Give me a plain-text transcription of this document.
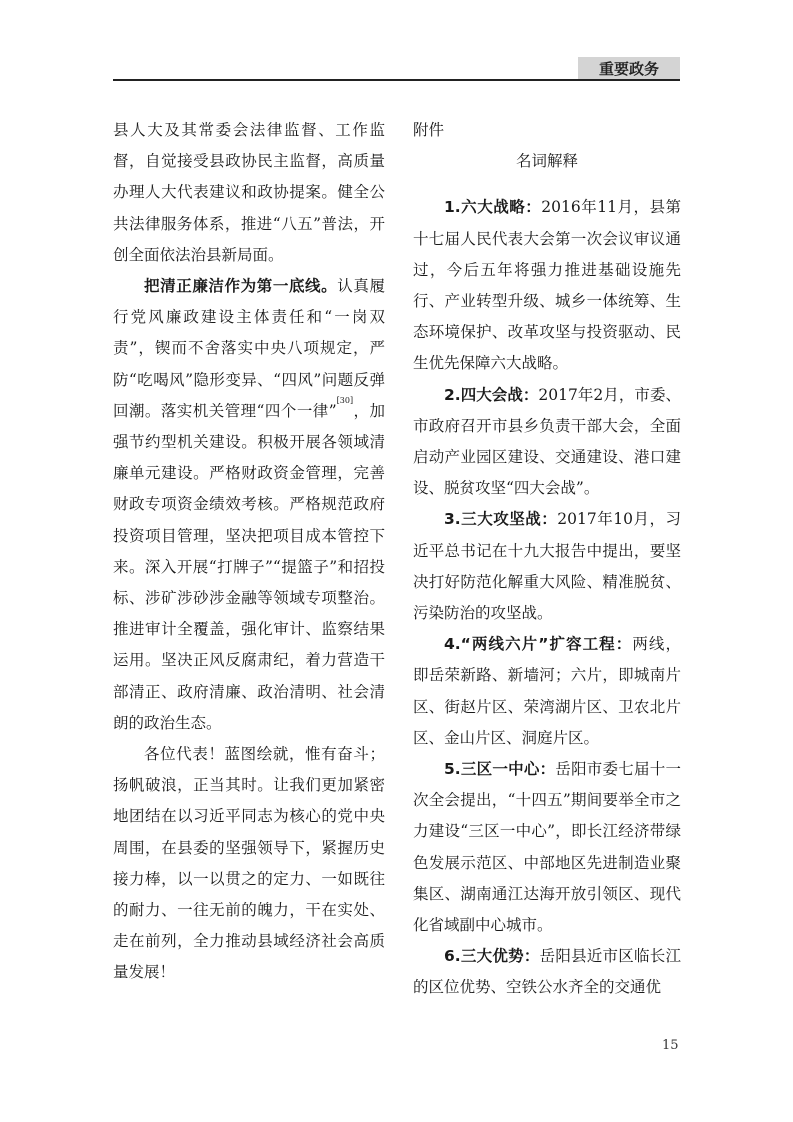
重要政务

县人大及其常委会法律监督、工作监督，自觉接受县政协民主监督，高质量办理人大代表建议和政协提案。健全公共法律服务体系，推进“八五”普法，开创全面依法治县新局面。

把清正廉洁作为第一底线。认真履行党风廉政建设主体责任和“一岗双责”，锲而不舍落实中央八项规定，严防“吃喝风”隐形变异、“四风”问题反弹回潮。落实机关管理“四个一律”[30]，加强节约型机关建设。积极开展各领域清廉单元建设。严格财政资金管理，完善财政专项资金绩效考核。严格规范政府投资项目管理，坚决把项目成本管控下来。深入开展“打牌子”“提篮子”和招投标、涉矿涉砂涉金融等领域专项整治。推进审计全覆盖，强化审计、监察结果运用。坚决正风反腐肃纪，着力营造干部清正、政府清廉、政治清明、社会清朗的政治生态。

各位代表！蓝图绘就，惟有奋斗；扬帆破浪，正当其时。让我们更加紧密地团结在以习近平同志为核心的党中央周围，在县委的坚强领导下，紧握历史接力棒，以一以贯之的定力、一如既往的耐力、一往无前的魄力，干在实处、走在前列，全力推动县域经济社会高质量发展！

附件

名词解释

1.六大战略：2016年11月，县第十七届人民代表大会第一次会议审议通过，今后五年将强力推进基础设施先行、产业转型升级、城乡一体统筹、生态环境保护、改革攻坚与投资驱动、民生优先保障六大战略。

2.四大会战：2017年2月，市委、市政府召开市县乡负责干部大会，全面启动产业园区建设、交通建设、港口建设、脱贫攻坚“四大会战”。

3.三大攻坚战：2017年10月，习近平总书记在十九大报告中提出，要坚决打好防范化解重大风险、精准脱贫、污染防治的攻坚战。

4.“两线六片”扩容工程：两线，即岳荣新路、新墙河；六片，即城南片区、街赵片区、荣湾湖片区、卫农北片区、金山片区、洞庭片区。

5.三区一中心：岳阳市委七届十一次全会提出，“十四五”期间要举全市之力建设“三区一中心”，即长江经济带绿色发展示范区、中部地区先进制造业聚集区、湖南通江达海开放引领区、现代化省域副中心城市。

6.三大优势：岳阳县近市区临长江的区位优势、空铁公水齐全的交通优

15
